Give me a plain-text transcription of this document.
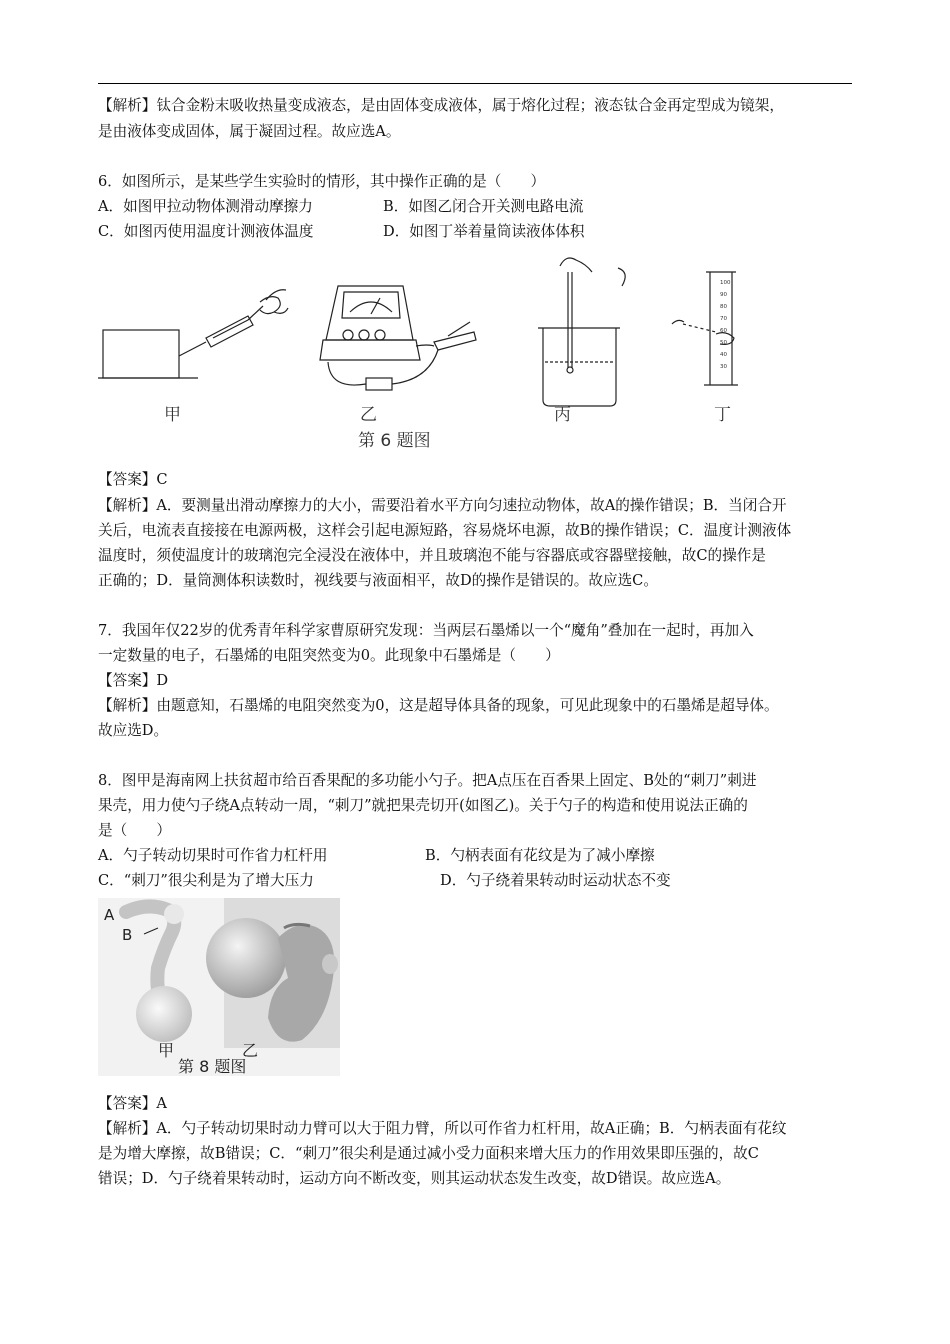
【解析】钛合金粉末吸收热量变成液态，是由固体变成液体，属于熔化过程；液态钛合金再定型成为镜架，
是由液体变成固体，属于凝固过程。故应选A。
6．如图所示，是某些学生实验时的情形，其中操作正确的是（　　）
A．如图甲拉动物体测滑动摩擦力	B．如图乙闭合开关测电路电流
C．如图丙使用温度计测液体温度	D．如图丁举着量筒读液体体积
100
90
80
70
60
50
40
30
甲	乙	丙	丁
第 6 题图
【答案】C
【解析】A．要测量出滑动摩擦力的大小，需要沿着水平方向匀速拉动物体，故A的操作错误；B．当闭合开
关后，电流表直接接在电源两极，这样会引起电源短路，容易烧坏电源，故B的操作错误；C．温度计测液体
温度时，须使温度计的玻璃泡完全浸没在液体中，并且玻璃泡不能与容器底或容器壁接触，故C的操作是
正确的；D．量筒测体积读数时，视线要与液面相平，故D的操作是错误的。故应选C。
7．我国年仅22岁的优秀青年科学家曹原研究发现：当两层石墨烯以一个“魔角”叠加在一起时，再加入
一定数量的电子，石墨烯的电阻突然变为0。此现象中石墨烯是（　　）
【答案】D
【解析】由题意知，石墨烯的电阻突然变为0，这是超导体具备的现象，可见此现象中的石墨烯是超导体。
故应选D。
8．图甲是海南网上扶贫超市给百香果配的多功能小勺子。把A点压在百香果上固定、B处的“刺刀”刺进
果壳，用力使勺子绕A点转动一周，“刺刀”就把果壳切开(如图乙)。关于勺子的构造和使用说法正确的
是（　　）
A．勺子转动切果时可作省力杠杆用	B．勺柄表面有花纹是为了减小摩擦
C．“刺刀”很尖利是为了增大压力	D．勺子绕着果转动时运动状态不变
A
B
甲	乙
第 8 题图
【答案】A
【解析】A．勺子转动切果时动力臂可以大于阻力臂，所以可作省力杠杆用，故A正确；B．勺柄表面有花纹
是为增大摩擦，故B错误；C．“刺刀”很尖利是通过减小受力面积来增大压力的作用效果即压强的，故C
错误；D．勺子绕着果转动时，运动方向不断改变，则其运动状态发生改变，故D错误。故应选A。
